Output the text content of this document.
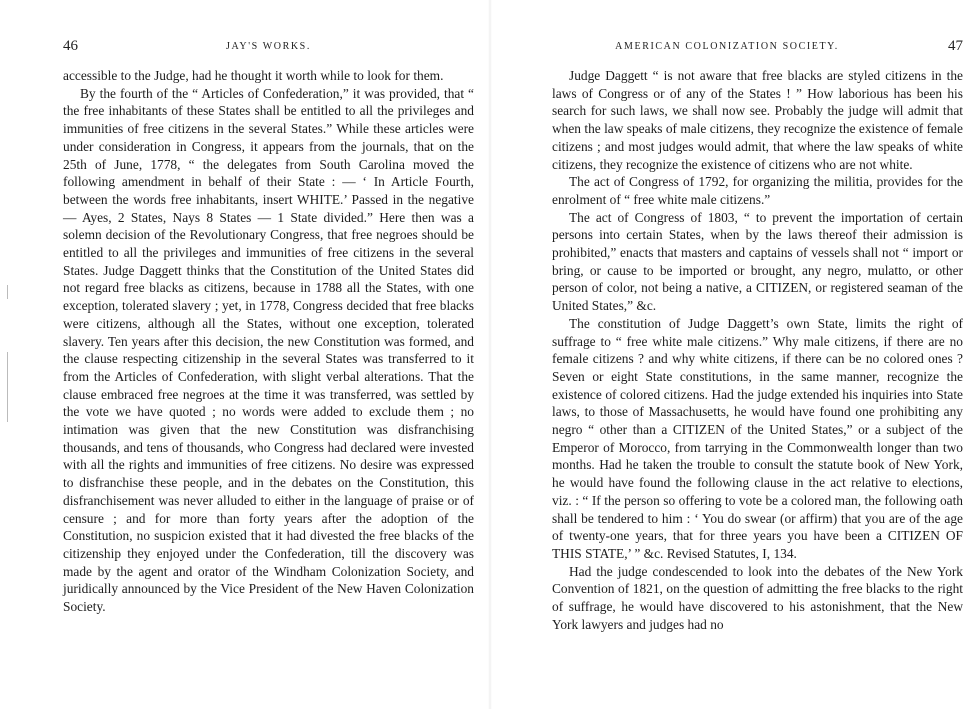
46	JAY'S WORKS.

accessible to the Judge, had he thought it worth while to look for them.

By the fourth of the “ Articles of Confederation,” it was provided, that “ the free inhabitants of these States shall be entitled to all the privileges and immunities of free citizens in the several States.” While these articles were under consideration in Congress, it appears from the journals, that on the 25th of June, 1778, “ the delegates from South Carolina moved the following amendment in behalf of their State : — ‘ In Article Fourth, between the words free inhabitants, insert WHITE.’ Passed in the negative — Ayes, 2 States, Nays 8 States — 1 State divided.” Here then was a solemn decision of the Revolutionary Congress, that free negroes should be entitled to all the privileges and immunities of free citizens in the several States. Judge Daggett thinks that the Constitution of the United States did not regard free blacks as citizens, because in 1788 all the States, with one exception, tolerated slavery ; yet, in 1778, Congress decided that free blacks were citizens, although all the States, without one exception, tolerated slavery. Ten years after this decision, the new Constitution was formed, and the clause respecting citizenship in the several States was transferred to it from the Articles of Confederation, with slight verbal alterations. That the clause embraced free negroes at the time it was transferred, was settled by the vote we have quoted ; no words were added to exclude them ; no intimation was given that the new Constitution was disfranchising thousands, and tens of thousands, who Congress had declared were invested with all the rights and immunities of free citizens. No desire was expressed to disfranchise these people, and in the debates on the Constitution, this disfranchisement was never alluded to either in the language of praise or of censure ; and for more than forty years after the adoption of the Constitution, no suspicion existed that it had divested the free blacks of the citizenship they enjoyed under the Confederation, till the discovery was made by the agent and orator of the Windham Colonization Society, and juridically announced by the Vice President of the New Haven Colonization Society.

AMERICAN COLONIZATION SOCIETY.	47

Judge Daggett “ is not aware that free blacks are styled citizens in the laws of Congress or of any of the States ! ” How laborious has been his search for such laws, we shall now see. Probably the judge will admit that when the law speaks of male citizens, they recognize the existence of female citizens ; and most judges would admit, that where the law speaks of white citizens, they recognize the existence of citizens who are not white.

The act of Congress of 1792, for organizing the militia, provides for the enrolment of “ free white male citizens.”

The act of Congress of 1803, “ to prevent the importation of certain persons into certain States, when by the laws thereof their admission is prohibited,” enacts that masters and captains of vessels shall not “ import or bring, or cause to be imported or brought, any negro, mulatto, or other person of color, not being a native, a CITIZEN, or registered seaman of the United States,” &c.

The constitution of Judge Daggett’s own State, limits the right of suffrage to “ free white male citizens.” Why male citizens, if there are no female citizens ? and why white citizens, if there can be no colored ones ? Seven or eight State constitutions, in the same manner, recognize the existence of colored citizens. Had the judge extended his inquiries into State laws, to those of Massachusetts, he would have found one prohibiting any negro “ other than a CITIZEN of the United States,” or a subject of the Emperor of Morocco, from tarrying in the Commonwealth longer than two months. Had he taken the trouble to consult the statute book of New York, he would have found the following clause in the act relative to elections, viz. : “ If the person so offering to vote be a colored man, the following oath shall be tendered to him : ‘ You do swear (or affirm) that you are of the age of twenty-one years, that for three years you have been a CITIZEN OF THIS STATE,’ ” &c. Revised Statutes, I, 134.

Had the judge condescended to look into the debates of the New York Convention of 1821, on the question of admitting the free blacks to the right of suffrage, he would have discovered to his astonishment, that the New York lawyers and judges had no
